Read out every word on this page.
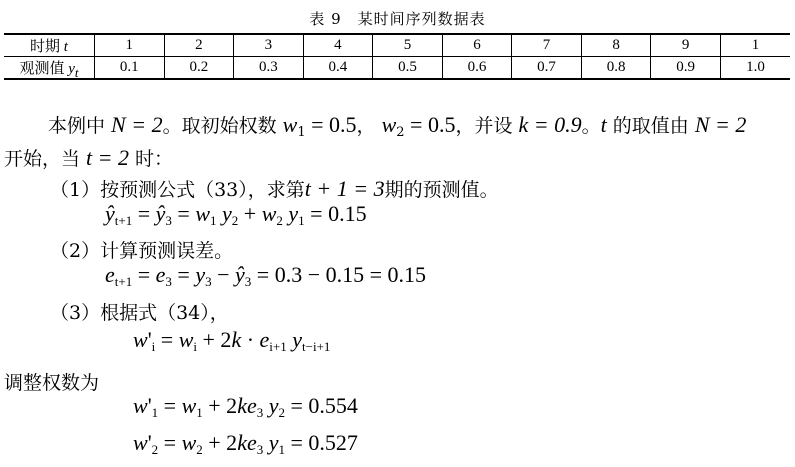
表 9　某时间序列数据表
时期 t	1	2	3	4	5	6	7	8	9	1
观测值 $y_t$	0.1	0.2	0.3	0.4	0.5	0.6	0.7	0.8	0.9	1.0
本例中 N = 2。取初始权数 $w_1 = 0.5$， $w_2 = 0.5$，并设 k = 0.9。t 的取值由 N = 2
开始，当 t = 2 时：
（1）按预测公式（33），求第t + 1 = 3期的预测值。
$ŷ_{t+1}$ = $ŷ_3 = w_1$ $y_2 + w_2$ $y_1 = 0.15$
（2）计算预测误差。
$e_{t+1} = e_3 = y_3$ − $ŷ_3 = 0.3 - 0.15 = 0.15$
（3）根据式（34），
$w'_i = w_i + 2k \cdot e_{i+1}$ $y_{t-i+1}$
调整权数为
$w'_1 = w_1 + 2ke_3$ $y_2 = 0.554$
$w'_2 = w_2 + 2ke_3$ $y_1 = 0.527$
